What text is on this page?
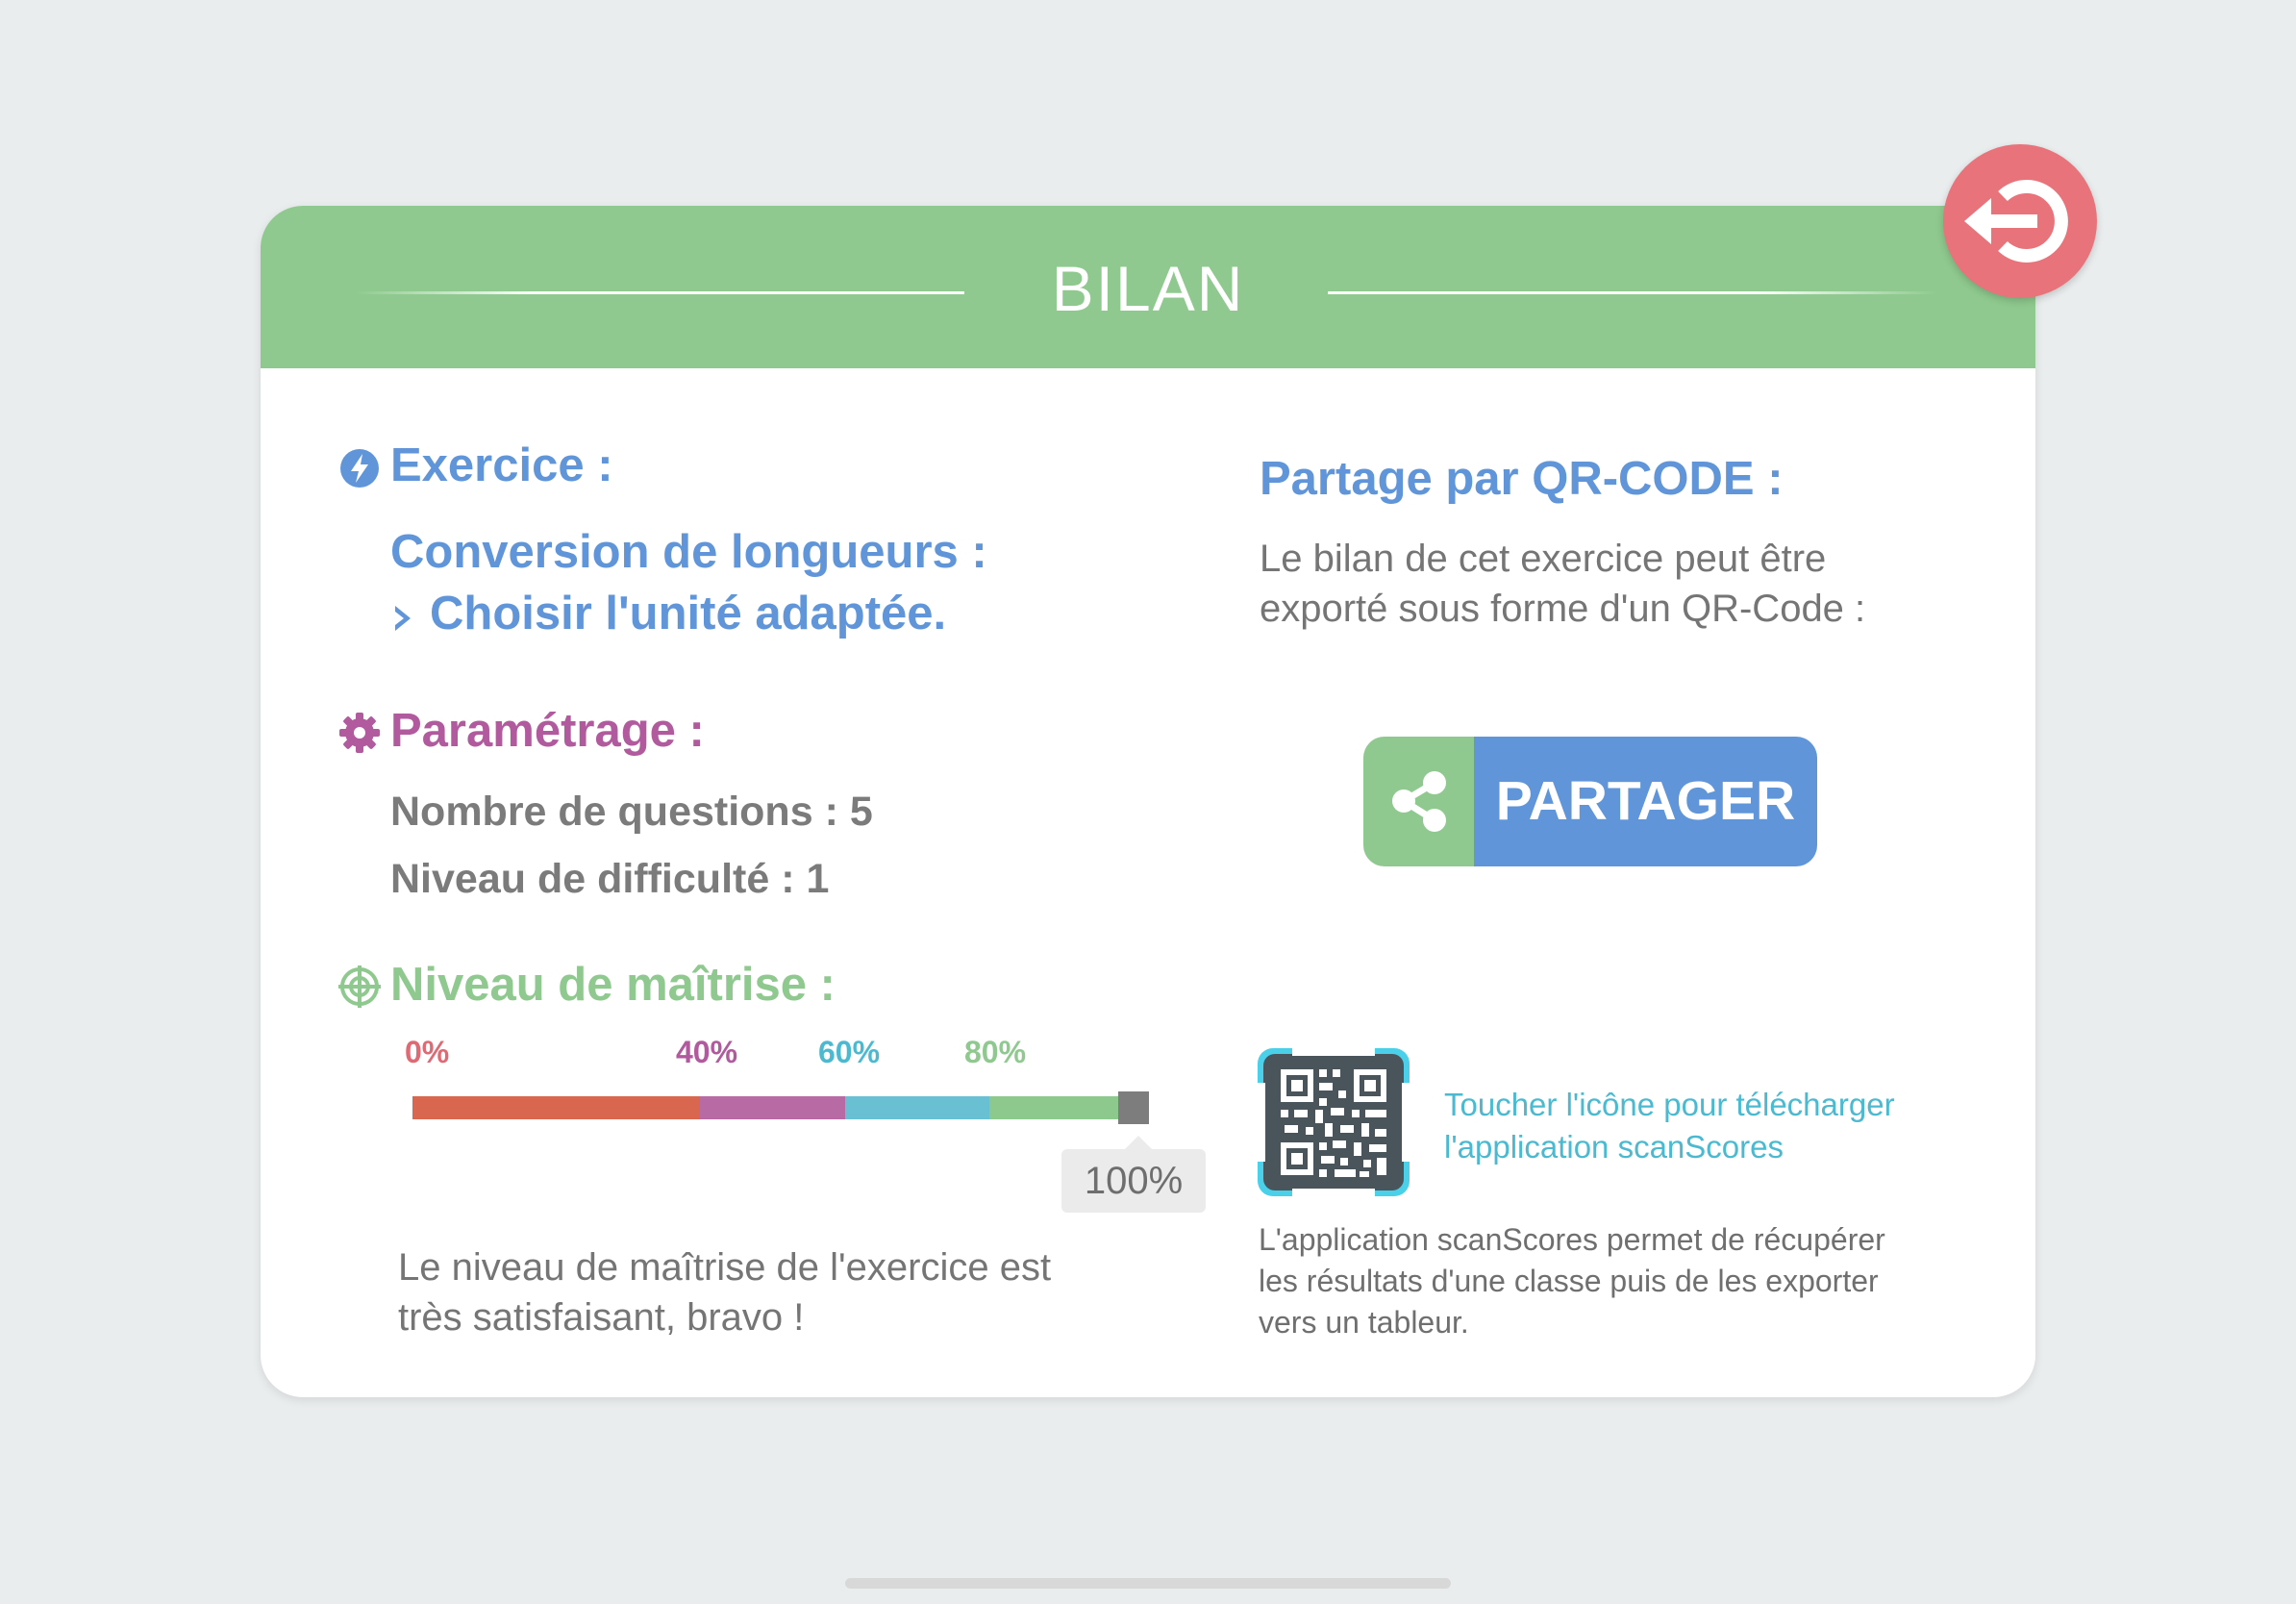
BILAN
Exercice :
Conversion de longueurs :
Choisir l'unité adaptée.
Paramétrage :
Nombre de questions : 5
Niveau de difficulté : 1
Niveau de maîtrise :
0%	40%	60%	80%
100%
Le niveau de maîtrise de l'exercice est
très satisfaisant, bravo !
Partage par QR-CODE :
Le bilan de cet exercice peut être
exporté sous forme d'un QR-Code :
PARTAGER
Toucher l'icône pour télécharger
l'application scanScores
L'application scanScores permet de récupérer
les résultats d'une classe puis de les exporter
vers un tableur.
